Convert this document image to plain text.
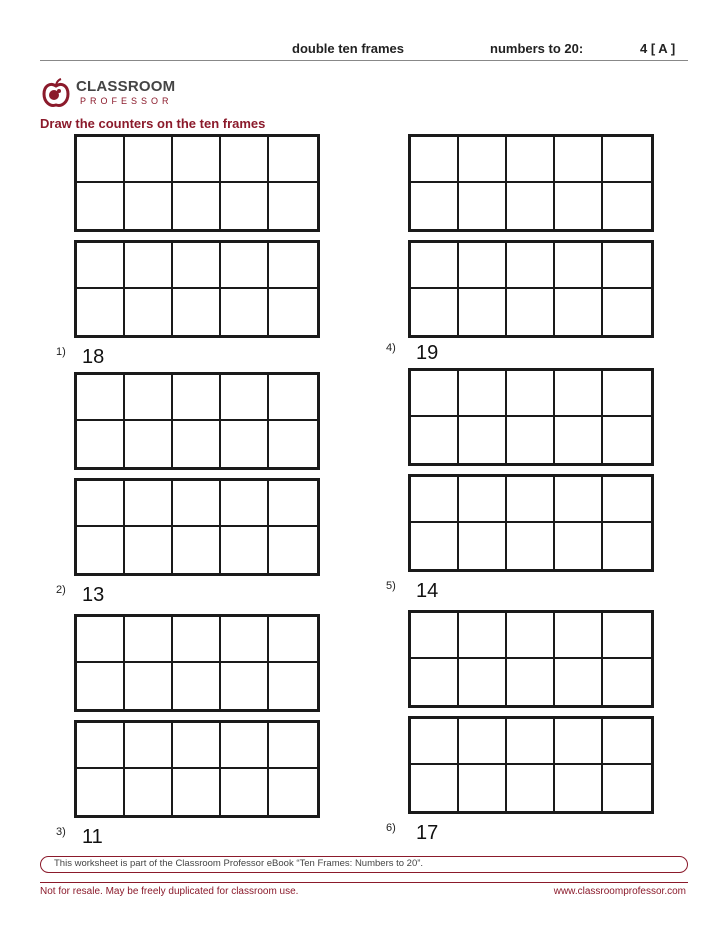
double ten frames	numbers to 20:	4 [ A ]
CLASSROOM
PROFESSOR
Draw the counters on the ten frames
1) 18
2) 13
3) 11
4) 19
5) 14
6) 17
This worksheet is part of the Classroom Professor eBook “Ten Frames: Numbers to 20”.
Not for resale. May be freely duplicated for classroom use.	www.classroomprofessor.com
